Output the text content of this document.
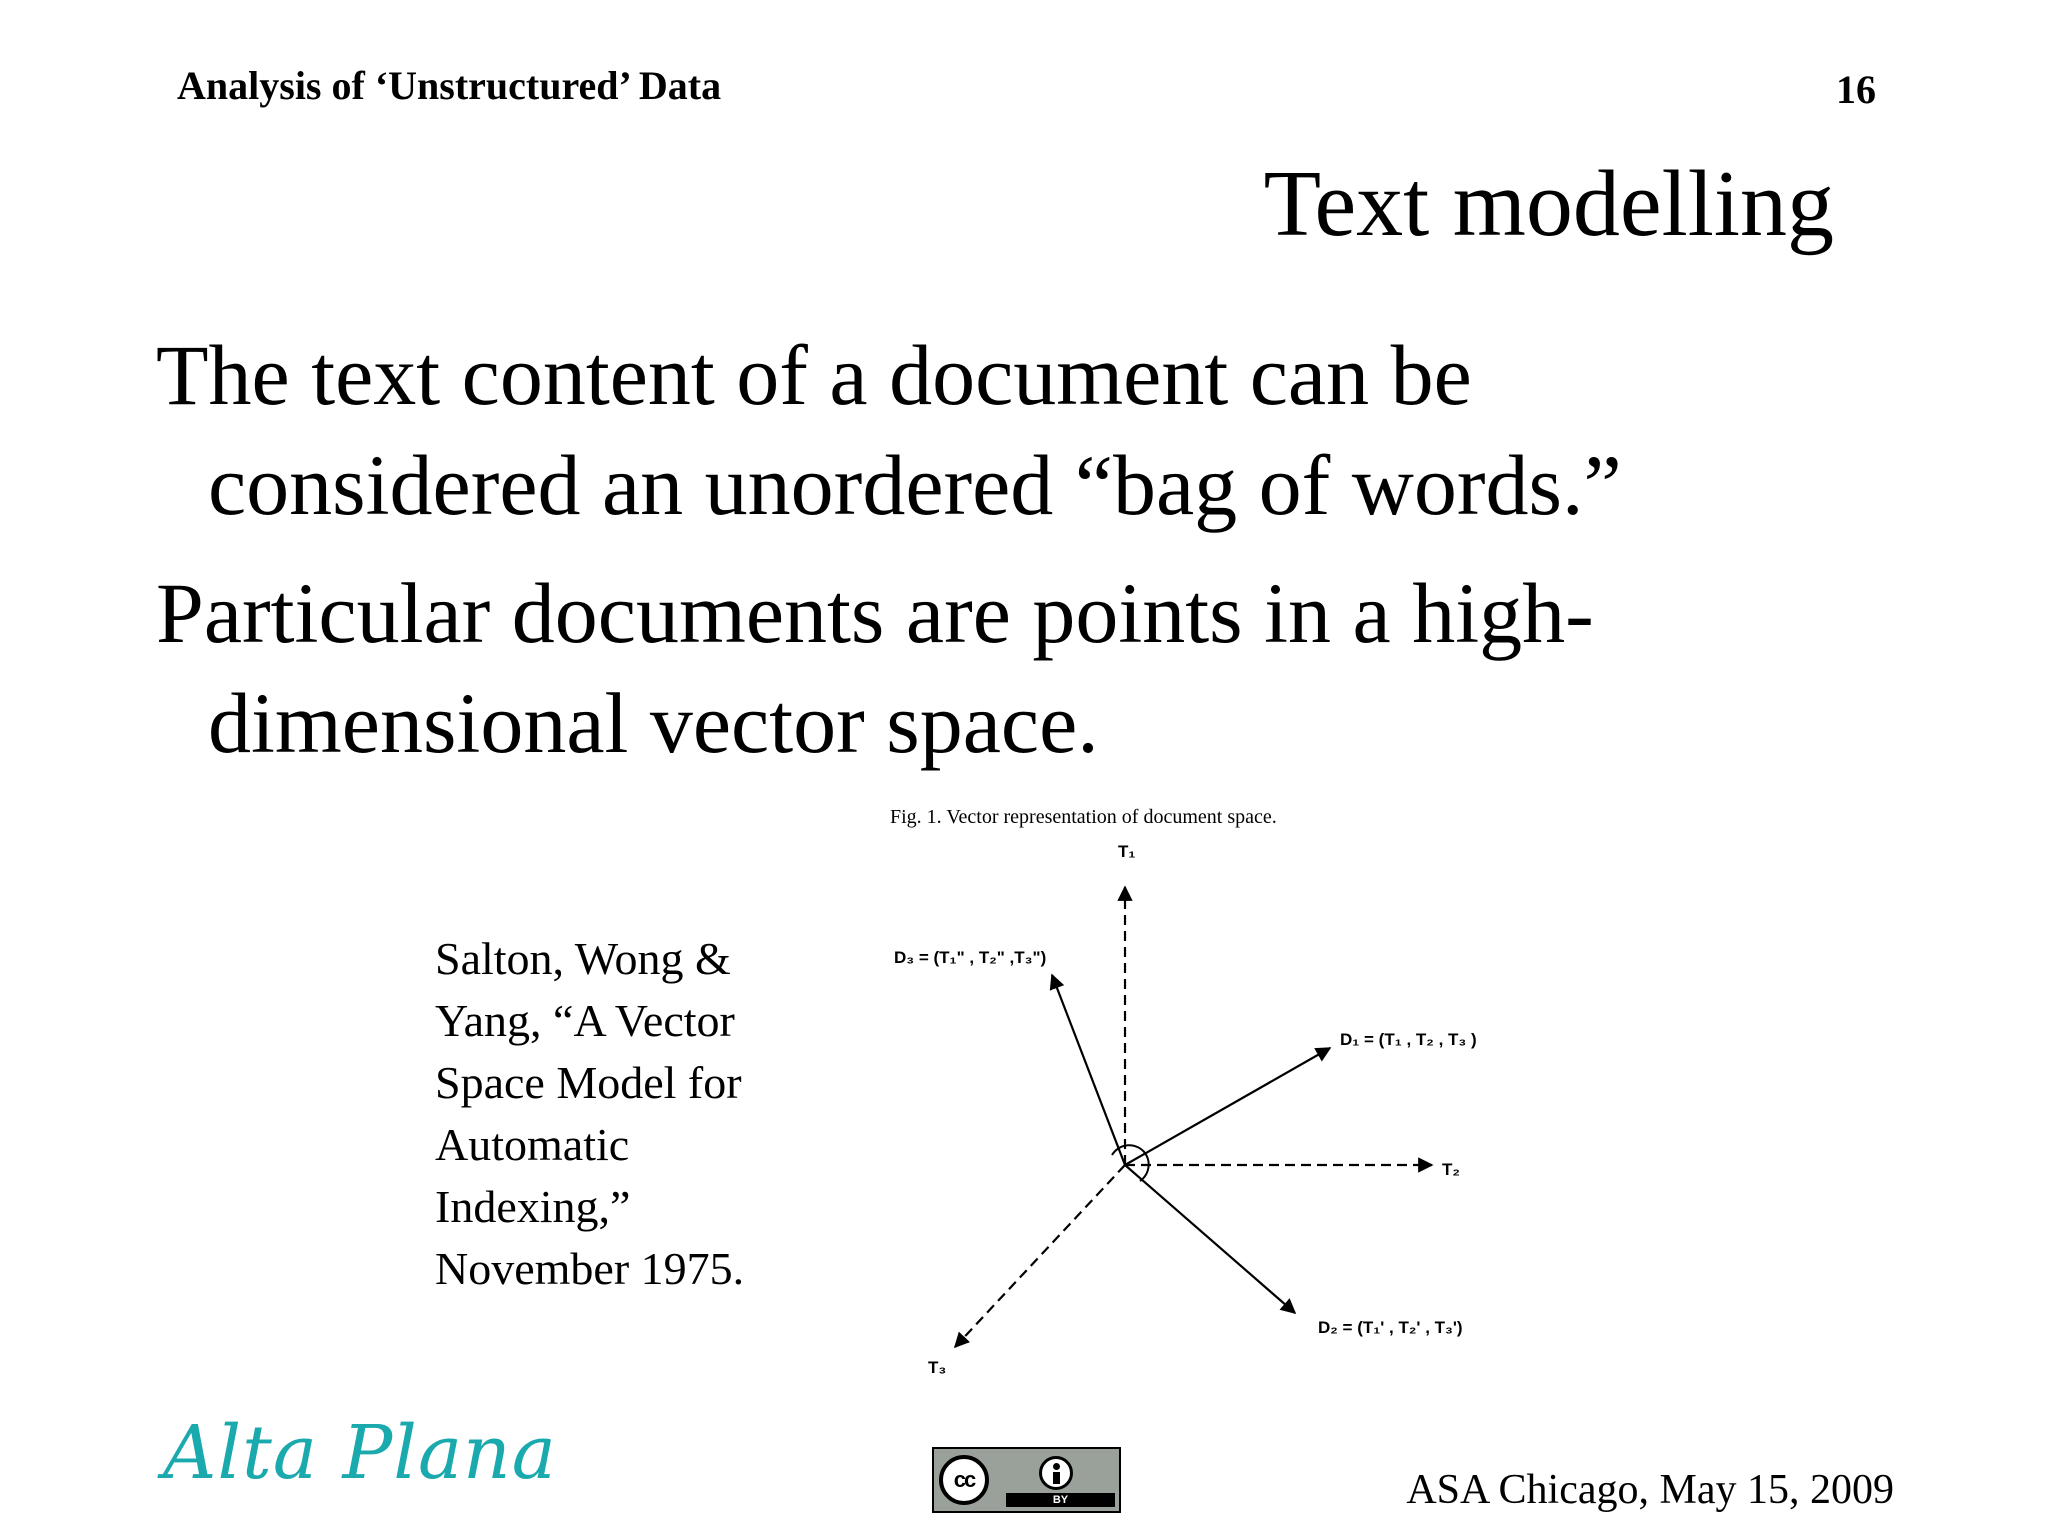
Analysis of ‘Unstructured’ Data	16
Text modelling

The text content of a document can be considered an unordered “bag of words.”

Particular documents are points in a high-dimensional vector space.

Salton, Wong &
Yang, “A Vector
Space Model for
Automatic
Indexing,”
November 1975.
Fig. 1. Vector representation of document space.
T₁
T₂
T₃
D₁ = (T₁ , T₂ , T₃ )
D₂ = (T₁' , T₂' , T₃')
D₃ = (T₁" , T₂" ,T₃")
Alta Plana	cc
BY	ASA Chicago, May 15, 2009
